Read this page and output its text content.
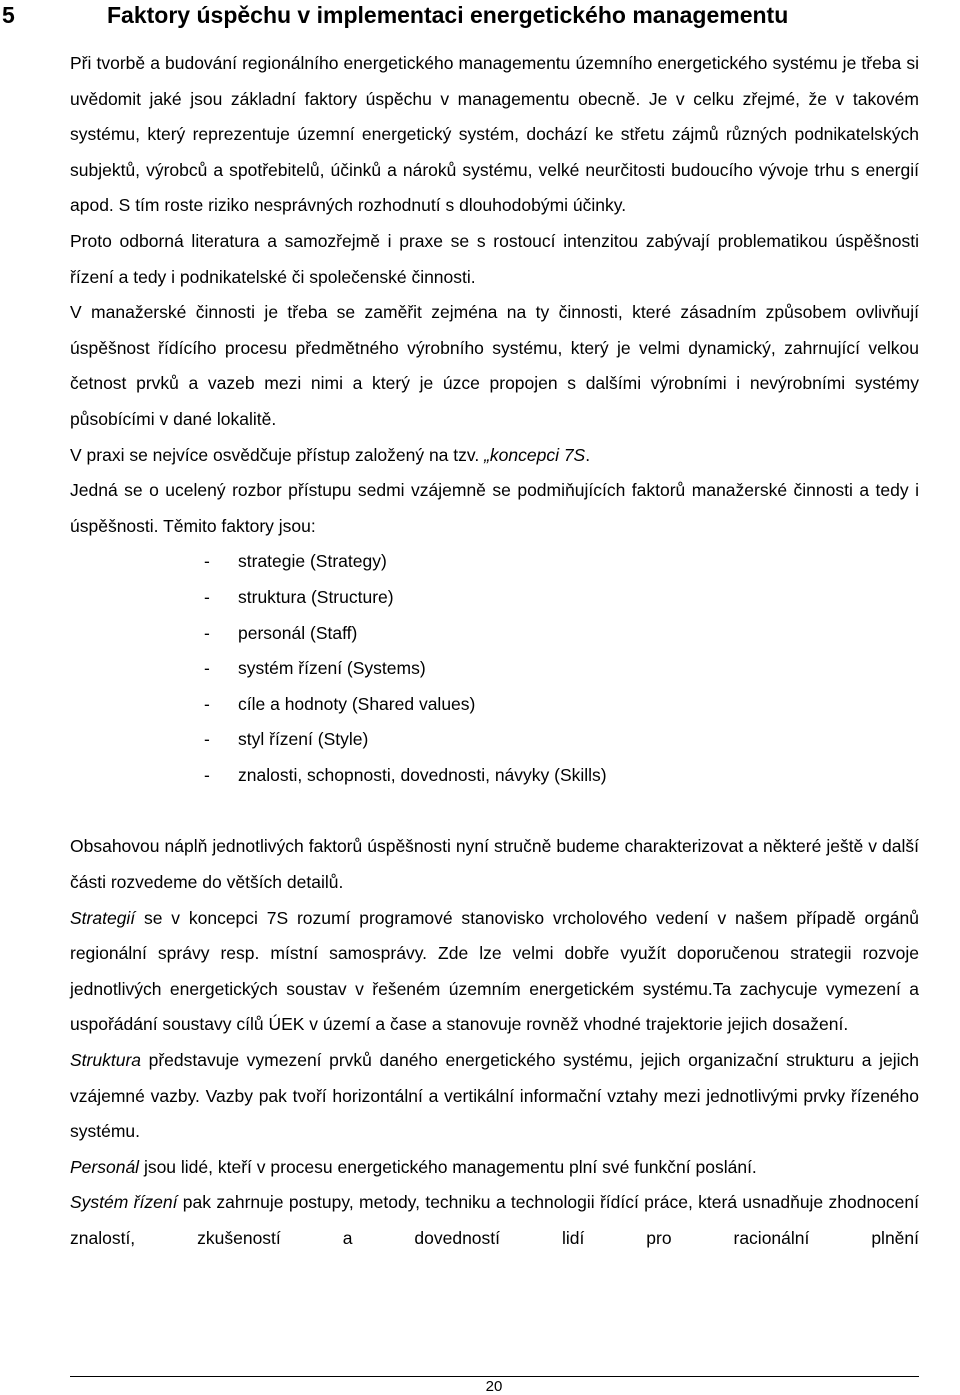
5	Faktory úspěchu v implementaci energetického managementu

Při tvorbě a budování regionálního energetického managementu územního energetického systému je třeba si uvědomit jaké jsou základní faktory úspěchu v managementu obecně. Je v celku zřejmé, že v takovém systému, který reprezentuje územní energetický systém, dochází ke střetu zájmů různých podnikatelských subjektů, výrobců a spotřebitelů, účinků a nároků systému, velké neurčitosti budoucího vývoje trhu s energií apod. S tím roste riziko nesprávných rozhodnutí s dlouhodobými účinky.

Proto odborná literatura a samozřejmě i praxe se s rostoucí intenzitou zabývají problematikou úspěšnosti řízení a tedy i podnikatelské či společenské činnosti.

V manažerské činnosti je třeba se zaměřit zejména na ty činnosti, které zásadním způsobem ovlivňují úspěšnost řídícího procesu předmětného výrobního systému, který je velmi dynamický, zahrnující velkou četnost prvků a vazeb mezi nimi a který je úzce propojen s dalšími výrobními i nevýrobními systémy působícími v dané lokalitě.

V praxi se nejvíce osvědčuje přístup založený na tzv. „koncepci 7S.

Jedná se o ucelený rozbor přístupu sedmi vzájemně se podmiňujících faktorů manažerské činnosti a tedy i úspěšnosti. Těmito faktory jsou:

- strategie (Strategy)
- struktura (Structure)
- personál (Staff)
- systém řízení (Systems)
- cíle a hodnoty (Shared values)
- styl řízení (Style)
- znalosti, schopnosti, dovednosti, návyky (Skills)

Obsahovou náplň jednotlivých faktorů úspěšnosti nyní stručně budeme charakterizovat a některé ještě v další části rozvedeme do větších detailů.

Strategií se v koncepci 7S rozumí programové stanovisko vrcholového vedení v našem případě orgánů regionální správy resp. místní samosprávy. Zde lze velmi dobře využít doporučenou strategii rozvoje jednotlivých energetických soustav v řešeném územním energetickém systému.Ta zachycuje vymezení a uspořádání soustavy cílů ÚEK v území a čase a stanovuje rovněž vhodné trajektorie jejich dosažení.

Struktura představuje vymezení prvků daného energetického systému, jejich organizační strukturu a jejich vzájemné vazby. Vazby pak tvoří horizontální a vertikální informační vztahy mezi jednotlivými prvky řízeného systému.

Personál jsou lidé, kteří v procesu energetického managementu plní své funkční poslání.

Systém řízení pak zahrnuje postupy, metody, techniku a technologii řídící práce, která usnadňuje zhodnocení znalostí, zkušeností a dovedností lidí pro racionální plnění

20
